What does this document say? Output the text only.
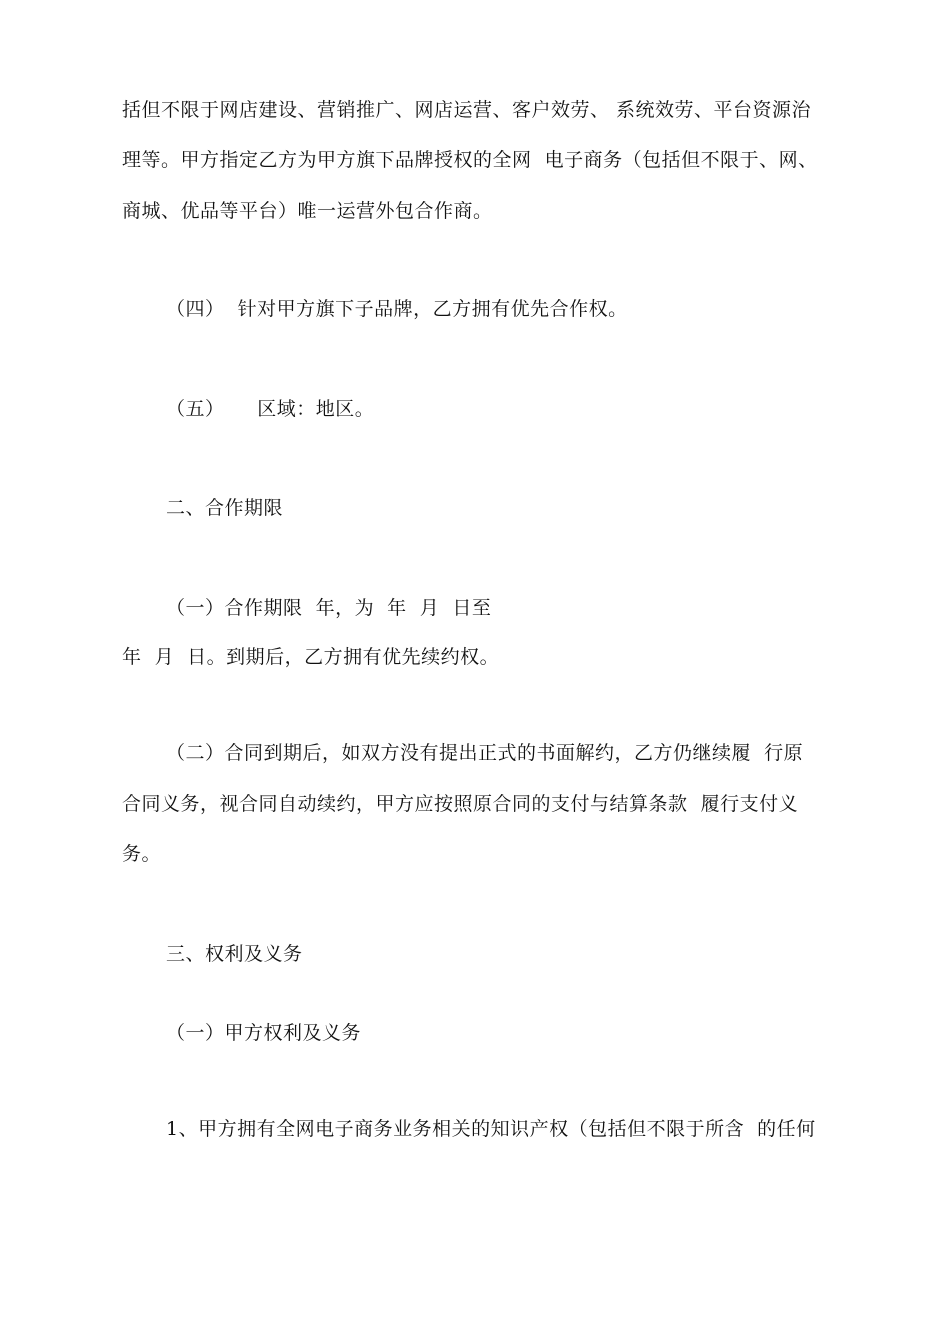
括但不限于网店建设、营销推广、网店运营、客户效劳、 系统效劳、平台资源治
理等。甲方指定乙方为甲方旗下品牌授权的全网  电子商务（包括但不限于、网、
商城、优品等平台）唯一运营外包合作商。
（四）  针对甲方旗下子品牌，乙方拥有优先合作权。
（五）     区域：地区。
二、合作期限
（一）合作期限  年，为  年  月  日至
年  月  日。到期后，乙方拥有优先续约权。
（二）合同到期后，如双方没有提出正式的书面解约，乙方仍继续履  行原
合同义务，视合同自动续约，甲方应按照原合同的支付与结算条款  履行支付义
务。
三、权利及义务
（一）甲方权利及义务
1、甲方拥有全网电子商务业务相关的知识产权（包括但不限于所含  的任何
